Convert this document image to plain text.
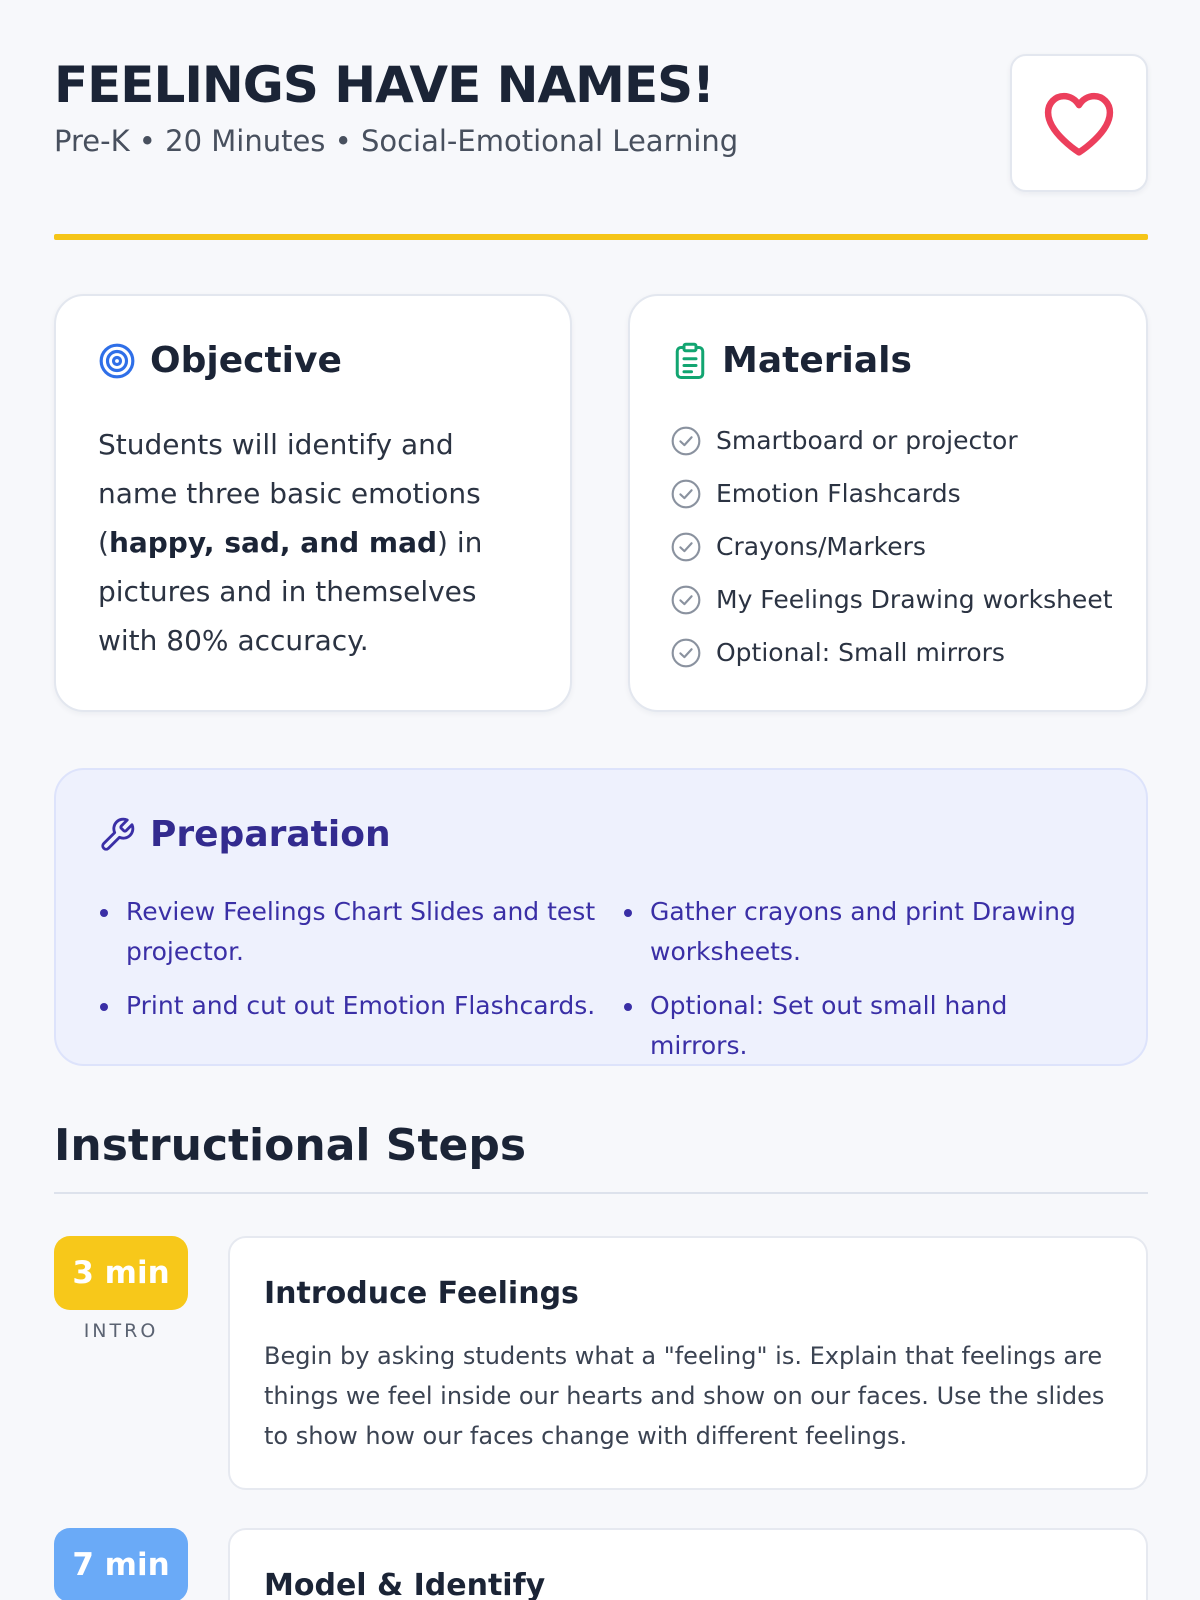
FEELINGS HAVE NAMES!
Pre-K • 20 Minutes • Social-Emotional Learning
Objective

Students will identify and name three basic emotions (happy, sad, and mad) in pictures and in themselves with 80% accuracy.

Materials
Smartboard or projector
Emotion Flashcards
Crayons/Markers
My Feelings Drawing worksheet
Optional: Small mirrors
Preparation
Review Feelings Chart Slides and test projector.
Gather crayons and print Drawing worksheets.
Print and cut out Emotion Flashcards.	Optional: Set out small hand mirrors.
Instructional Steps
3 min
INTRO
Introduce Feelings

Begin by asking students what a "feeling" is. Explain that feelings are things we feel inside our hearts and show on our faces. Use the slides to show how our faces change with different feelings.

7 min
Model & Identify
